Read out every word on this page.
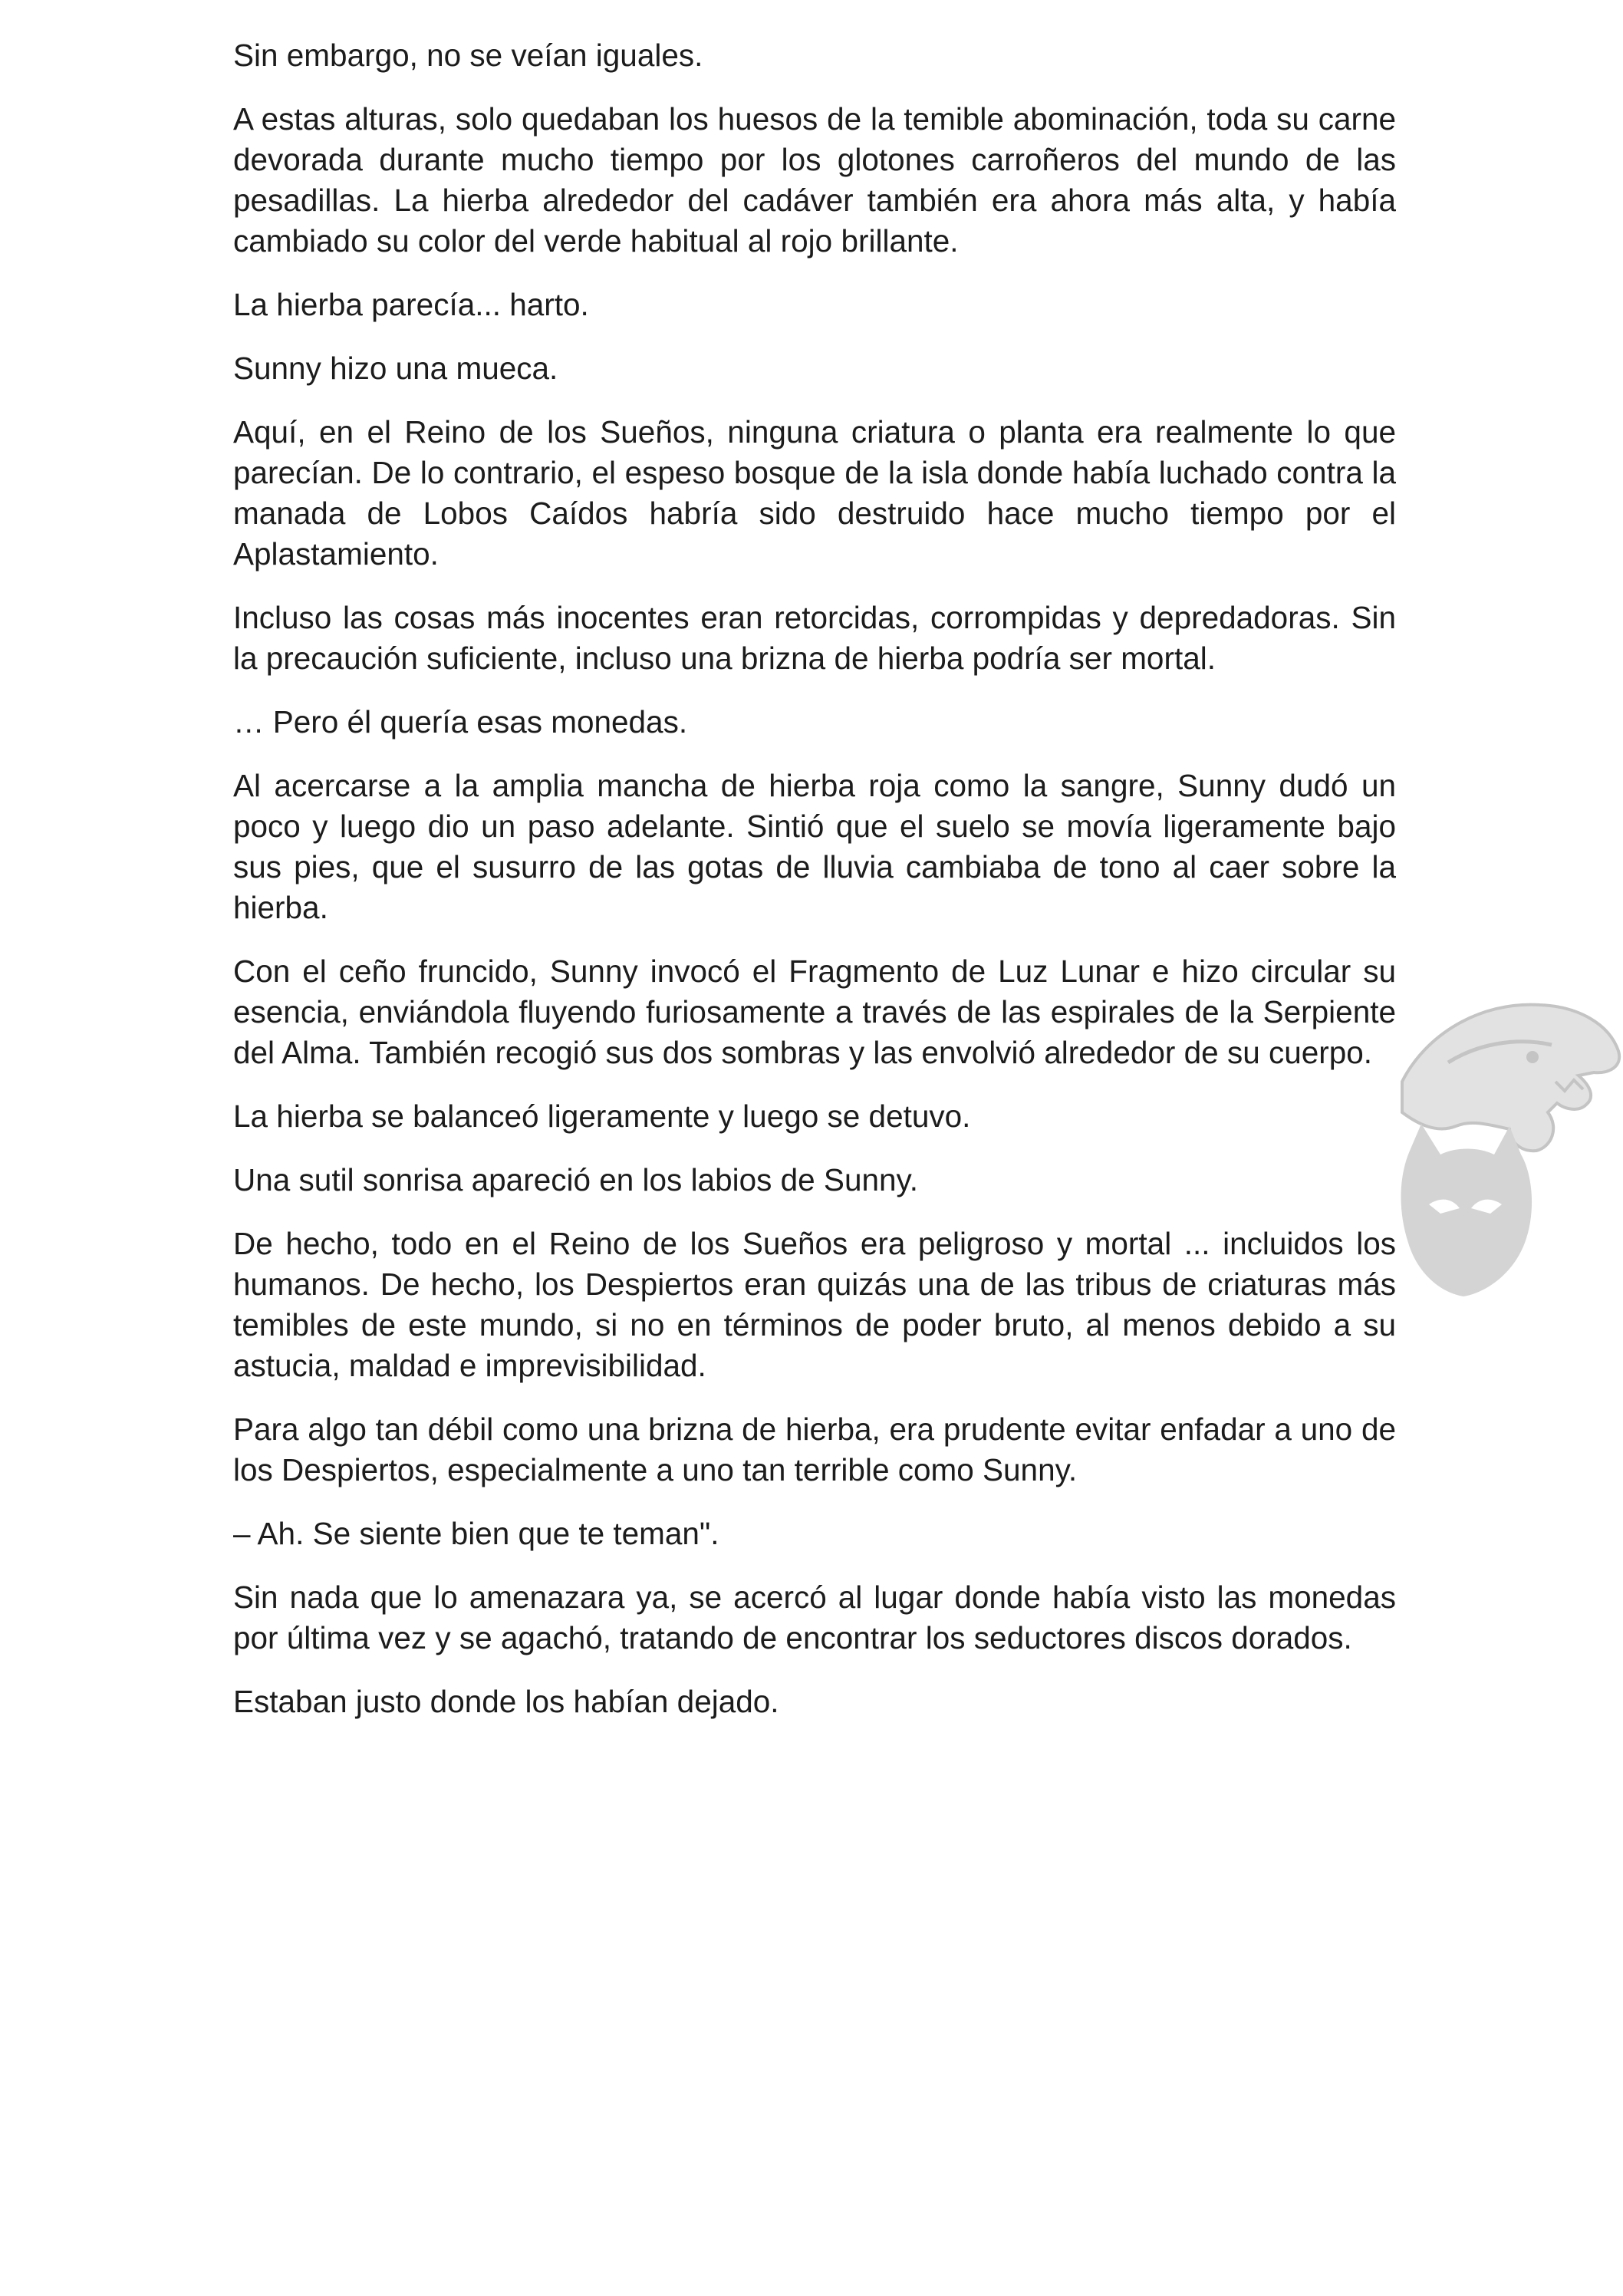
Sin embargo, no se veían iguales.

A estas alturas, solo quedaban los huesos de la temible abominación, toda su carne devorada durante mucho tiempo por los glotones carroñeros del mundo de las pesadillas. La hierba alrededor del cadáver también era ahora más alta, y había cambiado su color del verde habitual al rojo brillante.

La hierba parecía... harto.

Sunny hizo una mueca.

Aquí, en el Reino de los Sueños, ninguna criatura o planta era realmente lo que parecían. De lo contrario, el espeso bosque de la isla donde había luchado contra la manada de Lobos Caídos habría sido destruido hace mucho tiempo por el Aplastamiento.

Incluso las cosas más inocentes eran retorcidas, corrompidas y depredadoras. Sin la precaución suficiente, incluso una brizna de hierba podría ser mortal.

… Pero él quería esas monedas.

Al acercarse a la amplia mancha de hierba roja como la sangre, Sunny dudó un poco y luego dio un paso adelante. Sintió que el suelo se movía ligeramente bajo sus pies, que el susurro de las gotas de lluvia cambiaba de tono al caer sobre la hierba.

Con el ceño fruncido, Sunny invocó el Fragmento de Luz Lunar e hizo circular su esencia, enviándola fluyendo furiosamente a través de las espirales de la Serpiente del Alma. También recogió sus dos sombras y las envolvió alrededor de su cuerpo.

La hierba se balanceó ligeramente y luego se detuvo.

Una sutil sonrisa apareció en los labios de Sunny.

De hecho, todo en el Reino de los Sueños era peligroso y mortal ... incluidos los humanos. De hecho, los Despiertos eran quizás una de las tribus de criaturas más temibles de este mundo, si no en términos de poder bruto, al menos debido a su astucia, maldad e imprevisibilidad.

Para algo tan débil como una brizna de hierba, era prudente evitar enfadar a uno de los Despiertos, especialmente a uno tan terrible como Sunny.

– Ah. Se siente bien que te teman".

Sin nada que lo amenazara ya, se acercó al lugar donde había visto las monedas por última vez y se agachó, tratando de encontrar los seductores discos dorados.

Estaban justo donde los habían dejado.
